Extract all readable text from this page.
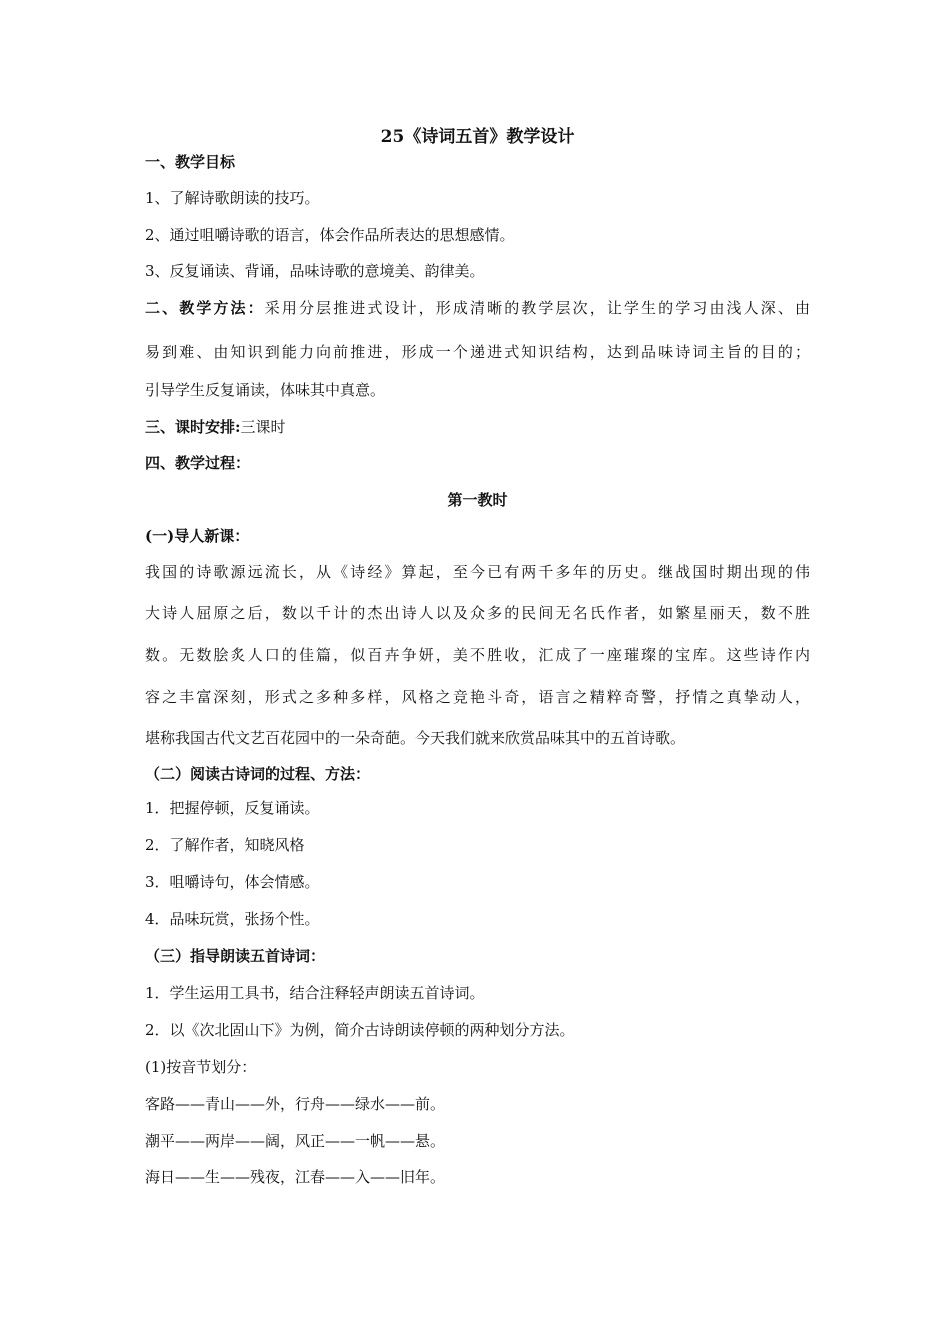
25《诗词五首》教学设计
一、教学目标
1、了解诗歌朗读的技巧。
2、通过咀嚼诗歌的语言，体会作品所表达的思想感情。
3、反复诵读、背诵，品味诗歌的意境美、韵律美。
二、教学方法：采用分层推进式设计，形成清晰的教学层次，让学生的学习由浅人深、由
易到难、由知识到能力向前推进，形成一个递进式知识结构，达到品味诗词主旨的目的；
引导学生反复诵读，体味其中真意。
三、课时安排:三课时
四、教学过程：
第一教时
(一)导人新课：
我国的诗歌源远流长，从《诗经》算起，至今已有两千多年的历史。继战国时期出现的伟
大诗人屈原之后，数以千计的杰出诗人以及众多的民间无名氏作者，如繁星丽天，数不胜
数。无数脍炙人口的佳篇，似百卉争妍，美不胜收，汇成了一座璀璨的宝库。这些诗作内
容之丰富深刻，形式之多种多样，风格之竞艳斗奇，语言之精粹奇警，抒情之真挚动人，
堪称我国古代文艺百花园中的一朵奇葩。今天我们就来欣赏品味其中的五首诗歌。
（二）阅读古诗词的过程、方法：
1．把握停顿，反复诵读。
2．了解作者，知晓风格
3．咀嚼诗句，体会情感。
4．品味玩赏，张扬个性。
（三）指导朗读五首诗词：
1．学生运用工具书，结合注释轻声朗读五首诗词。
2．以《次北固山下》为例，简介古诗朗读停顿的两种划分方法。
(1)按音节划分：
客路——青山——外，行舟——绿水——前。
潮平——两岸——阔，风正——一帆——悬。
海日——生——残夜，江春——入——旧年。
